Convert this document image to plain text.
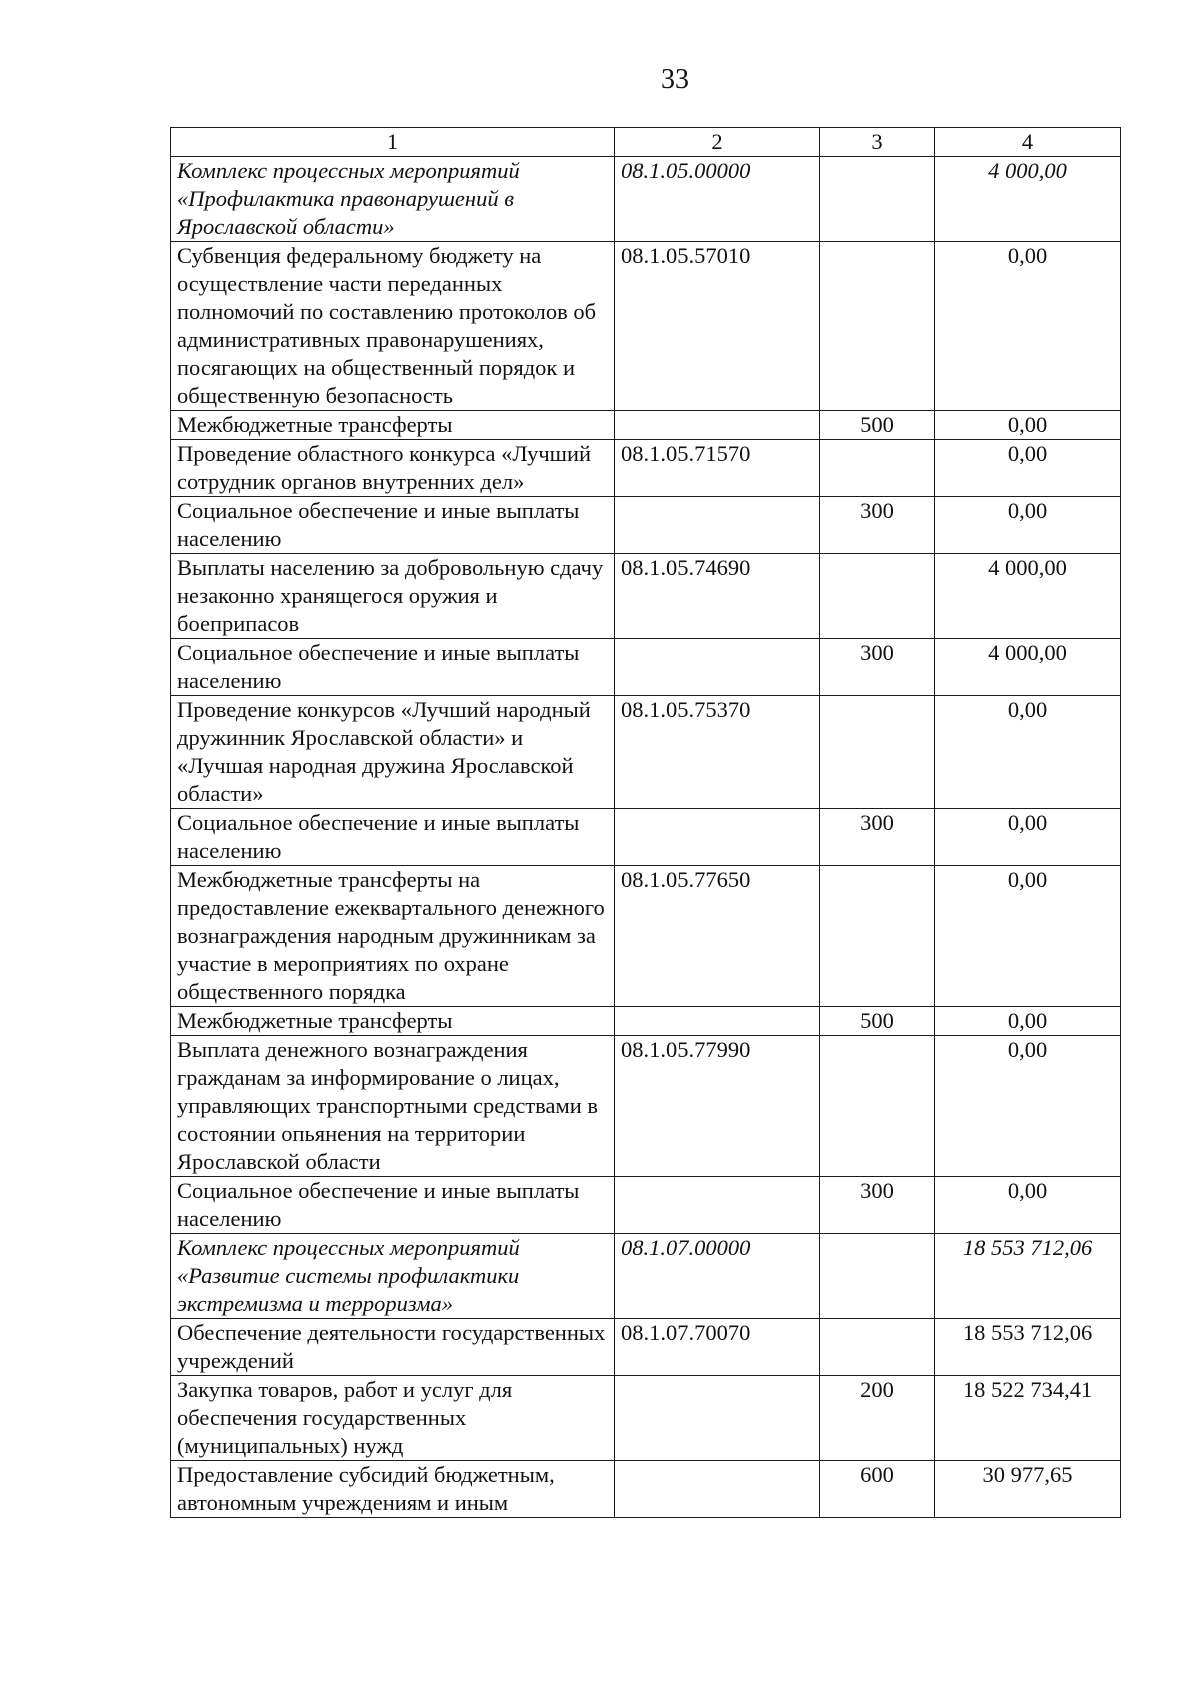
33
1	2	3	4
Комплекс процессных мероприятий «Профилактика правонарушений в Ярославской области»	08.1.05.00000		4 000,00
Субвенция федеральному бюджету на осуществление части переданных полномочий по составлению протоколов об административных правонарушениях, посягающих на общественный порядок и общественную безопасность	08.1.05.57010		0,00
Межбюджетные трансферты		500	0,00
Проведение областного конкурса «Лучший сотрудник органов внутренних дел»	08.1.05.71570		0,00
Социальное обеспечение и иные выплаты населению		300	0,00
Выплаты населению за добровольную сдачу незаконно хранящегося оружия и боеприпасов	08.1.05.74690		4 000,00
Социальное обеспечение и иные выплаты населению		300	4 000,00
Проведение конкурсов «Лучший народный дружинник Ярославской области» и «Лучшая народная дружина Ярославской области»	08.1.05.75370		0,00
Социальное обеспечение и иные выплаты населению		300	0,00
Межбюджетные трансферты на предоставление ежеквартального денежного вознаграждения народным дружинникам за участие в мероприятиях по охране общественного порядка	08.1.05.77650		0,00
Межбюджетные трансферты		500	0,00
Выплата денежного вознаграждения гражданам за информирование о лицах, управляющих транспортными средствами в состоянии опьянения на территории Ярославской области	08.1.05.77990		0,00
Социальное обеспечение и иные выплаты населению		300	0,00
Комплекс процессных мероприятий «Развитие системы профилактики экстремизма и терроризма»	08.1.07.00000		18 553 712,06
Обеспечение деятельности государственных учреждений	08.1.07.70070		18 553 712,06
Закупка товаров, работ и услуг для обеспечения государственных (муниципальных) нужд		200	18 522 734,41
Предоставление субсидий бюджетным, автономным учреждениям и иным		600	30 977,65
